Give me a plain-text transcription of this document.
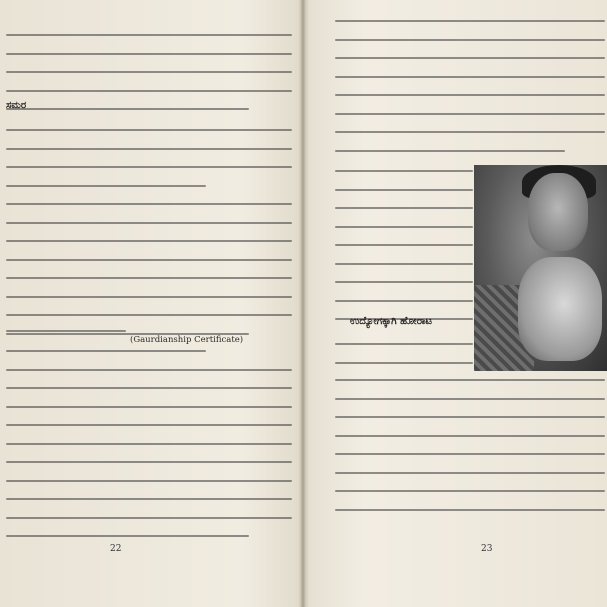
ಸಮರ
(Gaurdianship Certificate)
22
ಉದ್ಯೋಗಕ್ಕಾಗಿ ಹೋರಾಟ
23
